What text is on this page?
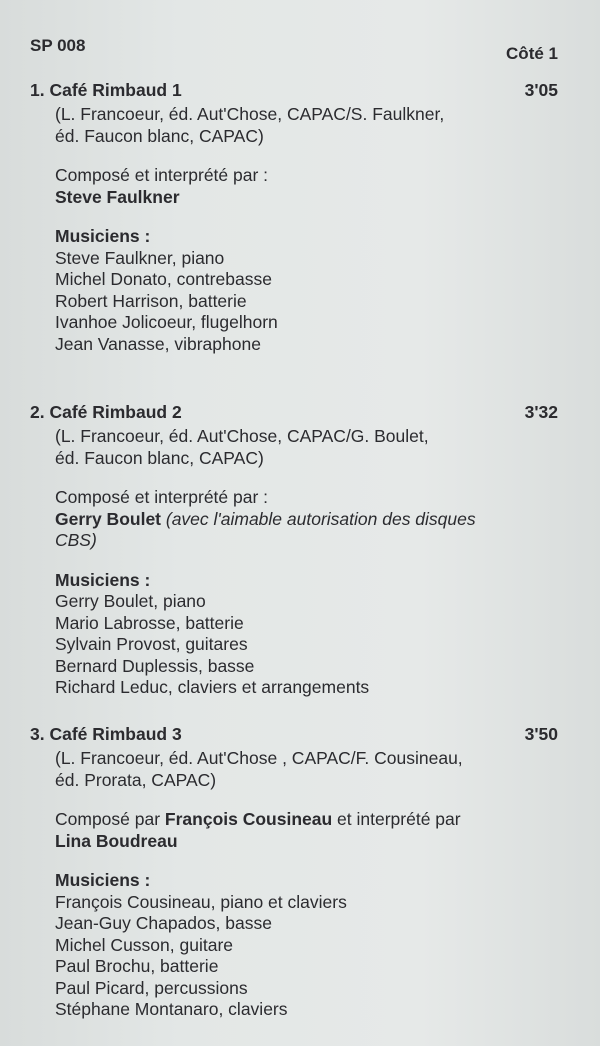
SP 008	Côté 1
1. Café Rimbaud 1	3'05
(L. Francoeur, éd. Aut'Chose, CAPAC/S. Faulkner,
éd. Faucon blanc, CAPAC)
Composé et interprété par :
Steve Faulkner
Musiciens :
Steve Faulkner, piano
Michel Donato, contrebasse
Robert Harrison, batterie
Ivanhoe Jolicoeur, flugelhorn
Jean Vanasse, vibraphone
2. Café Rimbaud 2	3'32
(L. Francoeur, éd. Aut'Chose, CAPAC/G. Boulet,
éd. Faucon blanc, CAPAC)
Composé et interprété par :
Gerry Boulet (avec l'aimable autorisation des disques
CBS)
Musiciens :
Gerry Boulet, piano
Mario Labrosse, batterie
Sylvain Provost, guitares
Bernard Duplessis, basse
Richard Leduc, claviers et arrangements
3. Café Rimbaud 3	3'50
(L. Francoeur, éd. Aut'Chose , CAPAC/F. Cousineau,
éd. Prorata, CAPAC)
Composé par François Cousineau et interprété par
Lina Boudreau
Musiciens :
François Cousineau, piano et claviers
Jean-Guy Chapados, basse
Michel Cusson, guitare
Paul Brochu, batterie
Paul Picard, percussions
Stéphane Montanaro, claviers
